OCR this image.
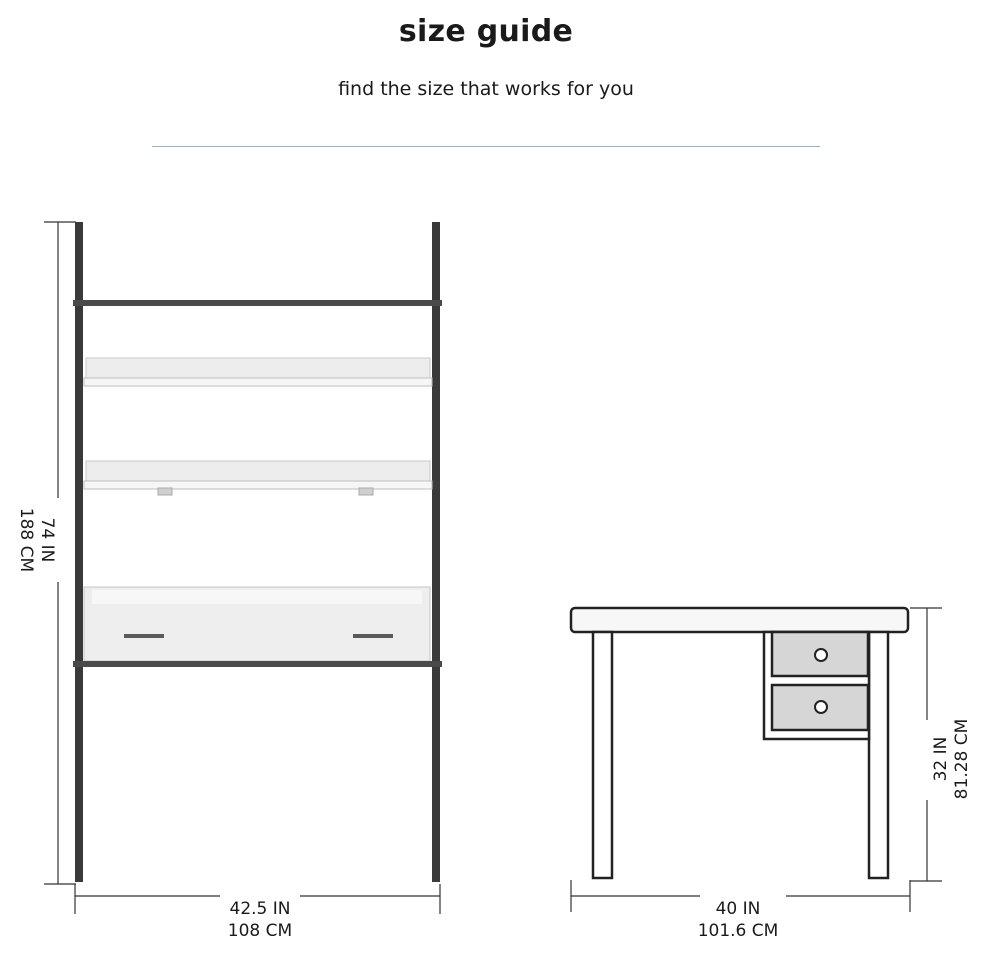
size guide
find the size that works for you
74 IN
188 CM
42.5 IN
108 CM
32 IN 81.28 CM
40 IN
101.6 CM
